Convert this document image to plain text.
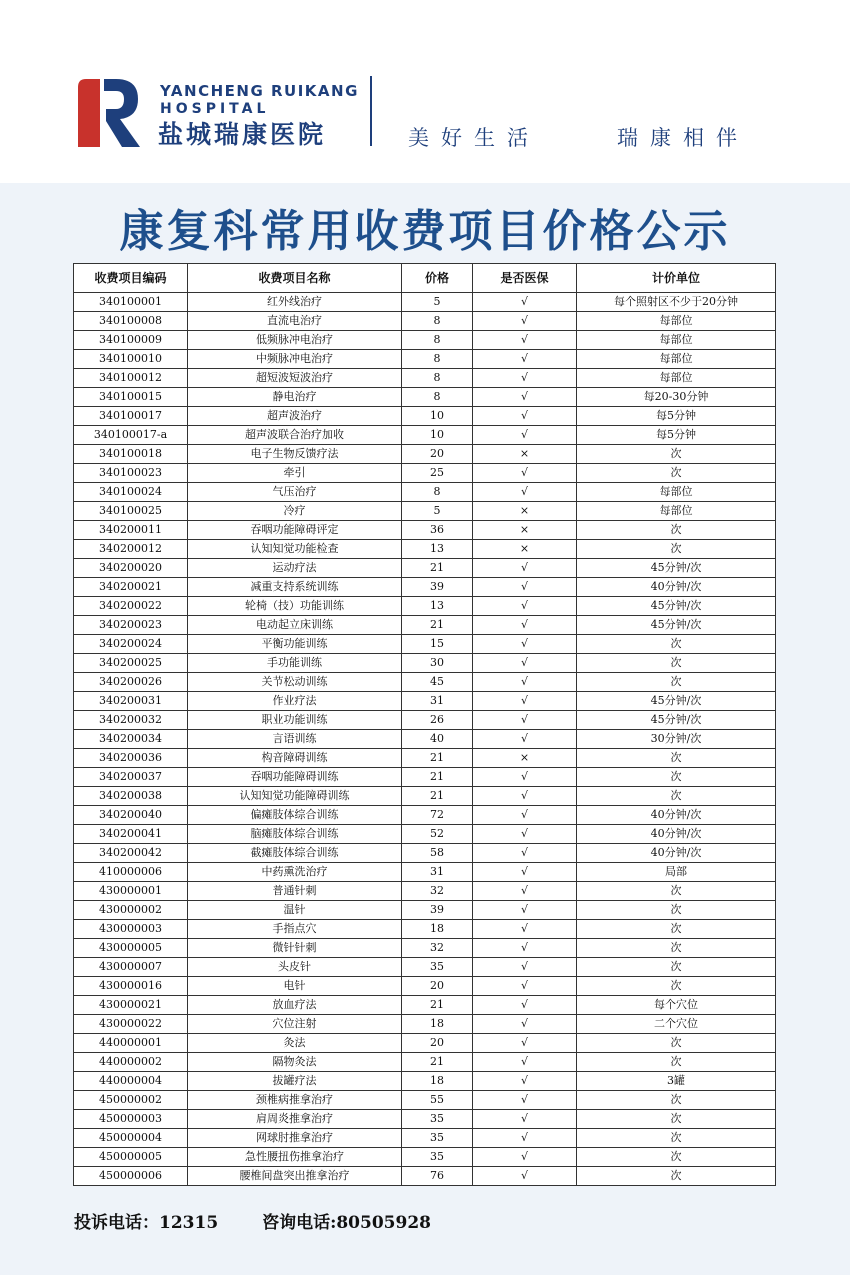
YANCHENG RUIKANG
HOSPITAL
盐城瑞康医院	美好生活	瑞康相伴
康复科常用收费项目价格公示
收费项目编码	收费项目名称	价格	是否医保	计价单位
340100001	红外线治疗	5	√	每个照射区不少于20分钟
340100008	直流电治疗	8	√	每部位
340100009	低频脉冲电治疗	8	√	每部位
340100010	中频脉冲电治疗	8	√	每部位
340100012	超短波短波治疗	8	√	每部位
340100015	静电治疗	8	√	每20-30分钟
340100017	超声波治疗	10	√	每5分钟
340100017-a	超声波联合治疗加收	10	√	每5分钟
340100018	电子生物反馈疗法	20	×	次
340100023	牵引	25	√	次
340100024	气压治疗	8	√	每部位
340100025	冷疗	5	×	每部位
340200011	吞咽功能障碍评定	36	×	次
340200012	认知知觉功能检查	13	×	次
340200020	运动疗法	21	√	45分钟/次
340200021	减重支持系统训练	39	√	40分钟/次
340200022	轮椅（技）功能训练	13	√	45分钟/次
340200023	电动起立床训练	21	√	45分钟/次
340200024	平衡功能训练	15	√	次
340200025	手功能训练	30	√	次
340200026	关节松动训练	45	√	次
340200031	作业疗法	31	√	45分钟/次
340200032	职业功能训练	26	√	45分钟/次
340200034	言语训练	40	√	30分钟/次
340200036	构音障碍训练	21	×	次
340200037	吞咽功能障碍训练	21	√	次
340200038	认知知觉功能障碍训练	21	√	次
340200040	偏瘫肢体综合训练	72	√	40分钟/次
340200041	脑瘫肢体综合训练	52	√	40分钟/次
340200042	截瘫肢体综合训练	58	√	40分钟/次
410000006	中药熏洗治疗	31	√	局部
430000001	普通针刺	32	√	次
430000002	温针	39	√	次
430000003	手指点穴	18	√	次
430000005	微针针刺	32	√	次
430000007	头皮针	35	√	次
430000016	电针	20	√	次
430000021	放血疗法	21	√	每个穴位
430000022	穴位注射	18	√	二个穴位
440000001	灸法	20	√	次
440000002	隔物灸法	21	√	次
440000004	拔罐疗法	18	√	3罐
450000002	颈椎病推拿治疗	55	√	次
450000003	肩周炎推拿治疗	35	√	次
450000004	网球肘推拿治疗	35	√	次
450000005	急性腰扭伤推拿治疗	35	√	次
450000006	腰椎间盘突出推拿治疗	76	√	次
投诉电话：12315	咨询电话:80505928
